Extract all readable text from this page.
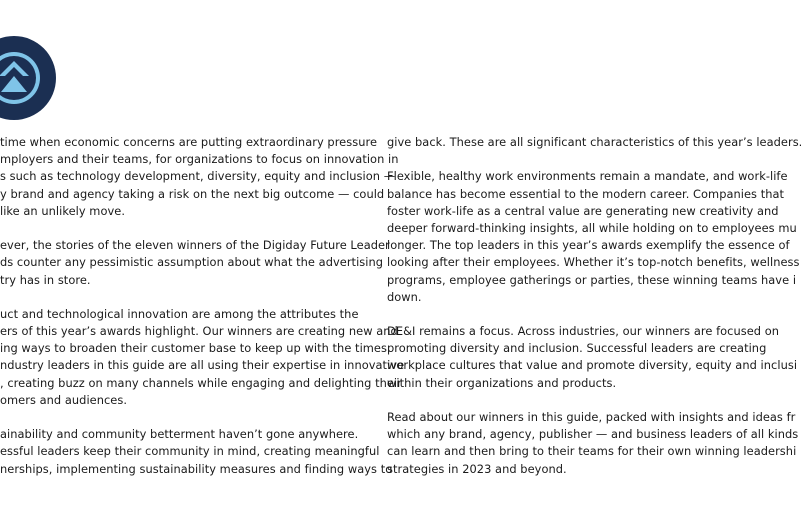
time when economic concerns are putting extraordinary pressure
mployers and their teams, for organizations to focus on innovation in
s such as technology development, diversity, equity and inclusion —
y brand and agency taking a risk on the next big outcome — could
like an unlikely move.
ever, the stories of the eleven winners of the Digiday Future Leader
ds counter any pessimistic assumption about what the advertising
try has in store.
uct and technological innovation are among the attributes the
ers of this year’s awards highlight. Our winners are creating new and
ing ways to broaden their customer base to keep up with the times.
ndustry leaders in this guide are all using their expertise in innovative
, creating buzz on many channels while engaging and delighting their
omers and audiences.
ainability and community betterment haven’t gone anywhere.
essful leaders keep their community in mind, creating meaningful
nerships, implementing sustainability measures and finding ways to
give back. These are all significant characteristics of this year’s leaders.
Flexible, healthy work environments remain a mandate, and work-life
balance has become essential to the modern career. Companies that
foster work-life as a central value are generating new creativity and
deeper forward-thinking insights, all while holding on to employees mu
longer. The top leaders in this year’s awards exemplify the essence of
looking after their employees. Whether it’s top-notch benefits, wellness
programs, employee gatherings or parties, these winning teams have i
down.
DE&I remains a focus. Across industries, our winners are focused on
promoting diversity and inclusion. Successful leaders are creating
workplace cultures that value and promote diversity, equity and inclusi
within their organizations and products.
Read about our winners in this guide, packed with insights and ideas fr
which any brand, agency, publisher — and business leaders of all kinds
can learn and then bring to their teams for their own winning leadershi
strategies in 2023 and beyond.
